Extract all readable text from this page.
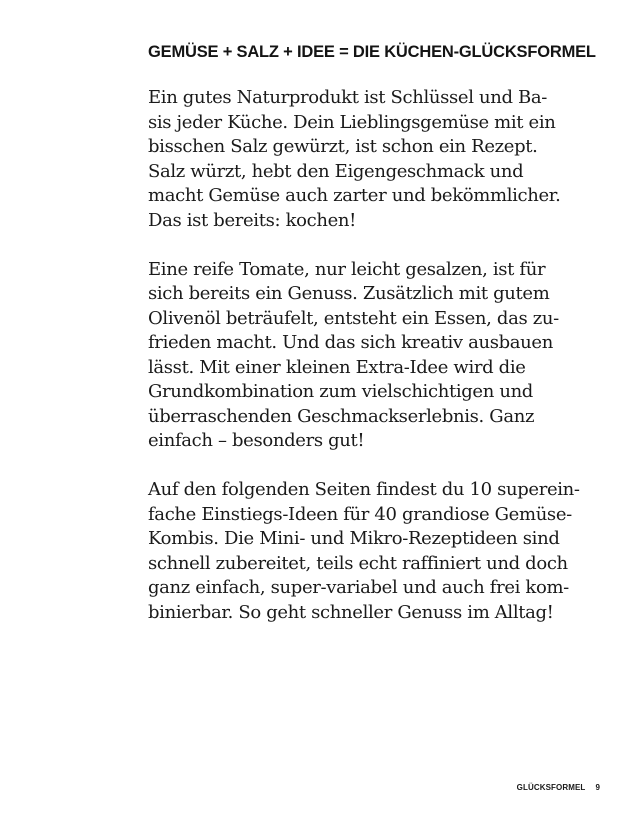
GEMÜSE + SALZ + IDEE = DIE KÜCHEN-GLÜCKSFORMEL

Ein gutes Naturprodukt ist Schlüssel und Ba-
sis jeder Küche. Dein Lieblingsgemüse mit ein
bisschen Salz gewürzt, ist schon ein Rezept.
Salz würzt, hebt den Eigengeschmack und
macht Gemüse auch zarter und bekömmlicher.
Das ist bereits: kochen!

Eine reife Tomate, nur leicht gesalzen, ist für
sich bereits ein Genuss. Zusätzlich mit gutem
Olivenöl beträufelt, entsteht ein Essen, das zu-
frieden macht. Und das sich kreativ ausbauen
lässt. Mit einer kleinen Extra-Idee wird die
Grundkombination zum vielschichtigen und
überraschenden Geschmackserlebnis. Ganz
einfach – besonders gut!

Auf den folgenden Seiten findest du 10 superein-
fache Einstiegs-Ideen für 40 grandiose Gemüse-
Kombis. Die Mini- und Mikro-Rezeptideen sind
schnell zubereitet, teils echt raffiniert und doch
ganz einfach, super-variabel und auch frei kom-
binierbar. So geht schneller Genuss im Alltag!

GLÜCKSFORMEL 9
